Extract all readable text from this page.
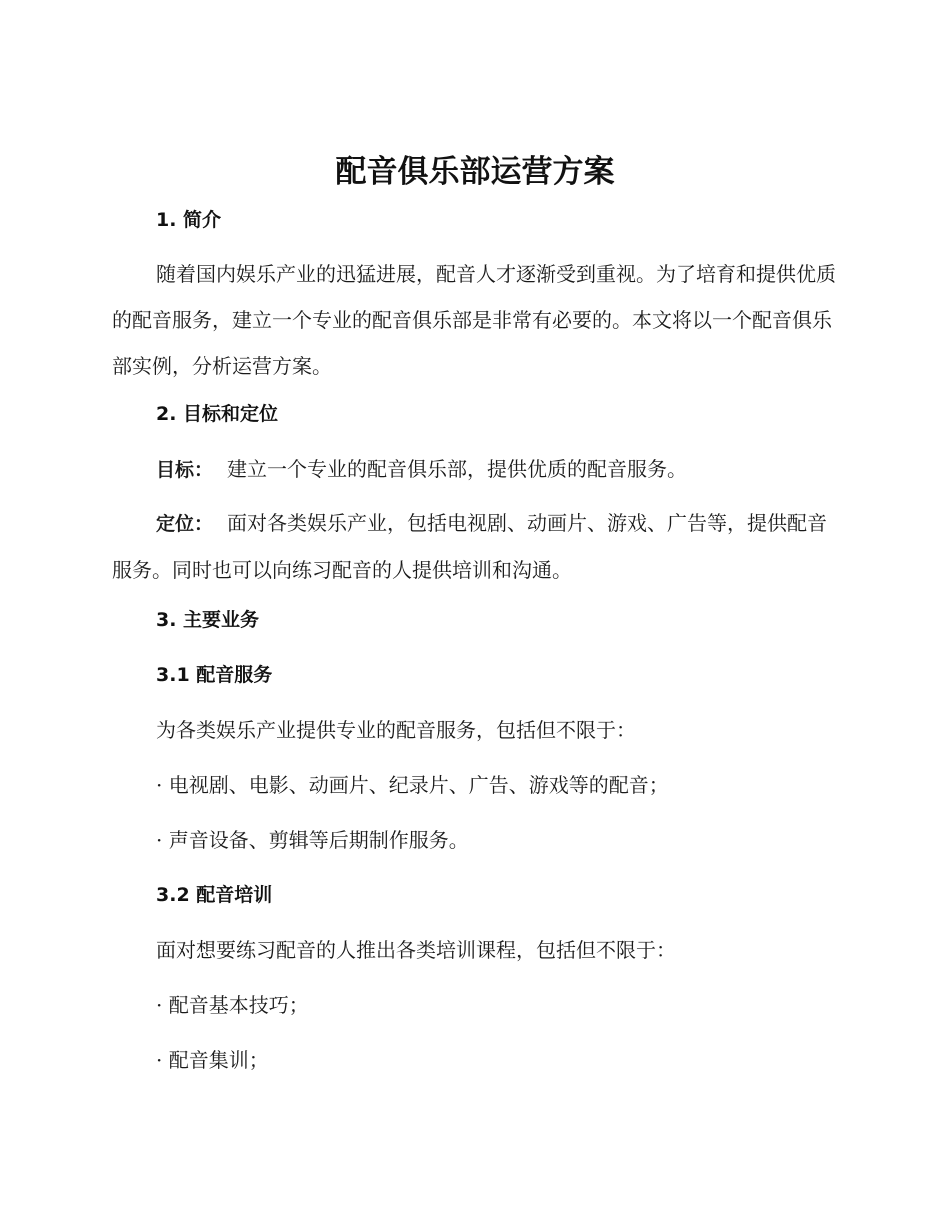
配音俱乐部运营方案
1. 简介

随着国内娱乐产业的迅猛进展，配音人才逐渐受到重视。为了培育和提供优质的配音服务，建立一个专业的配音俱乐部是非常有必要的。本文将以一个配音俱乐部实例，分析运营方案。

2. 目标和定位
目标： 建立一个专业的配音俱乐部，提供优质的配音服务。

定位： 面对各类娱乐产业，包括电视剧、动画片、游戏、广告等，提供配音服务。同时也可以向练习配音的人提供培训和沟通。

3. 主要业务
3.1 配音服务
为各类娱乐产业提供专业的配音服务，包括但不限于：
· 电视剧、电影、动画片、纪录片、广告、游戏等的配音；
· 声音设备、剪辑等后期制作服务。
3.2 配音培训
面对想要练习配音的人推出各类培训课程，包括但不限于：
· 配音基本技巧；
· 配音集训；
